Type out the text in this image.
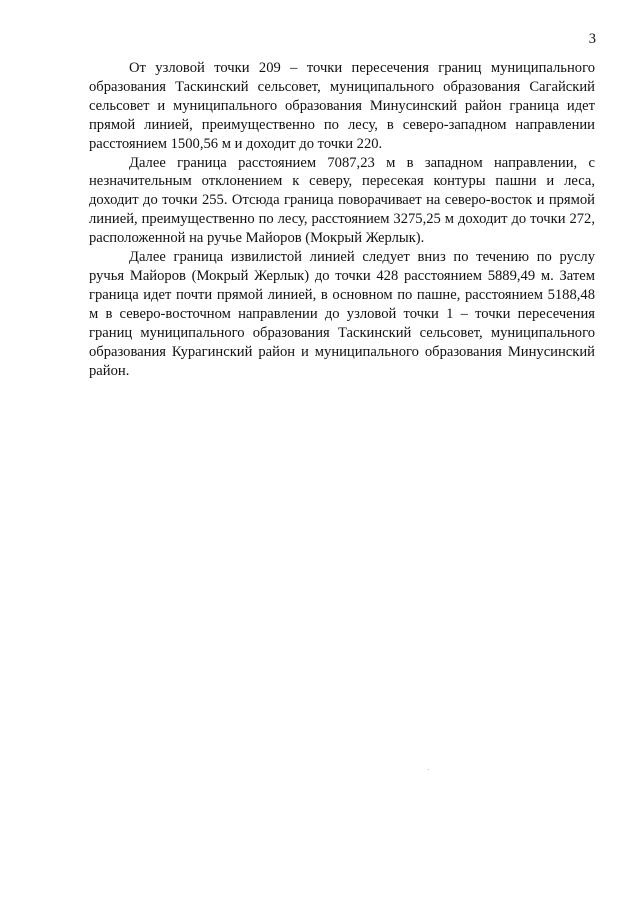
3

От узловой точки 209 – точки пересечения границ муниципального образования Таскинский сельсовет, муниципального образования Сагайский сельсовет и муниципального образования Минусинский район граница идет прямой линией, преимущественно по лесу, в северо-западном направлении расстоянием 1500,56 м и доходит до точки 220.

Далее граница расстоянием 7087,23 м в западном направлении, с незначительным отклонением к северу, пересекая контуры пашни и леса, доходит до точки 255. Отсюда граница поворачивает на северо-восток и прямой линией, преимущественно по лесу, расстоянием 3275,25 м доходит до точки 272, расположенной на ручье Майоров (Мокрый Жерлык).

Далее граница извилистой линией следует вниз по течению по руслу ручья Майоров (Мокрый Жерлык) до точки 428 расстоянием 5889,49 м. Затем граница идет почти прямой линией, в основном по пашне, расстоянием 5188,48 м в северо-восточном направлении до узловой точки 1 – точки пересечения границ муниципального образования Таскинский сельсовет, муниципального образования Курагинский район и муниципального образования Минусинский район.
